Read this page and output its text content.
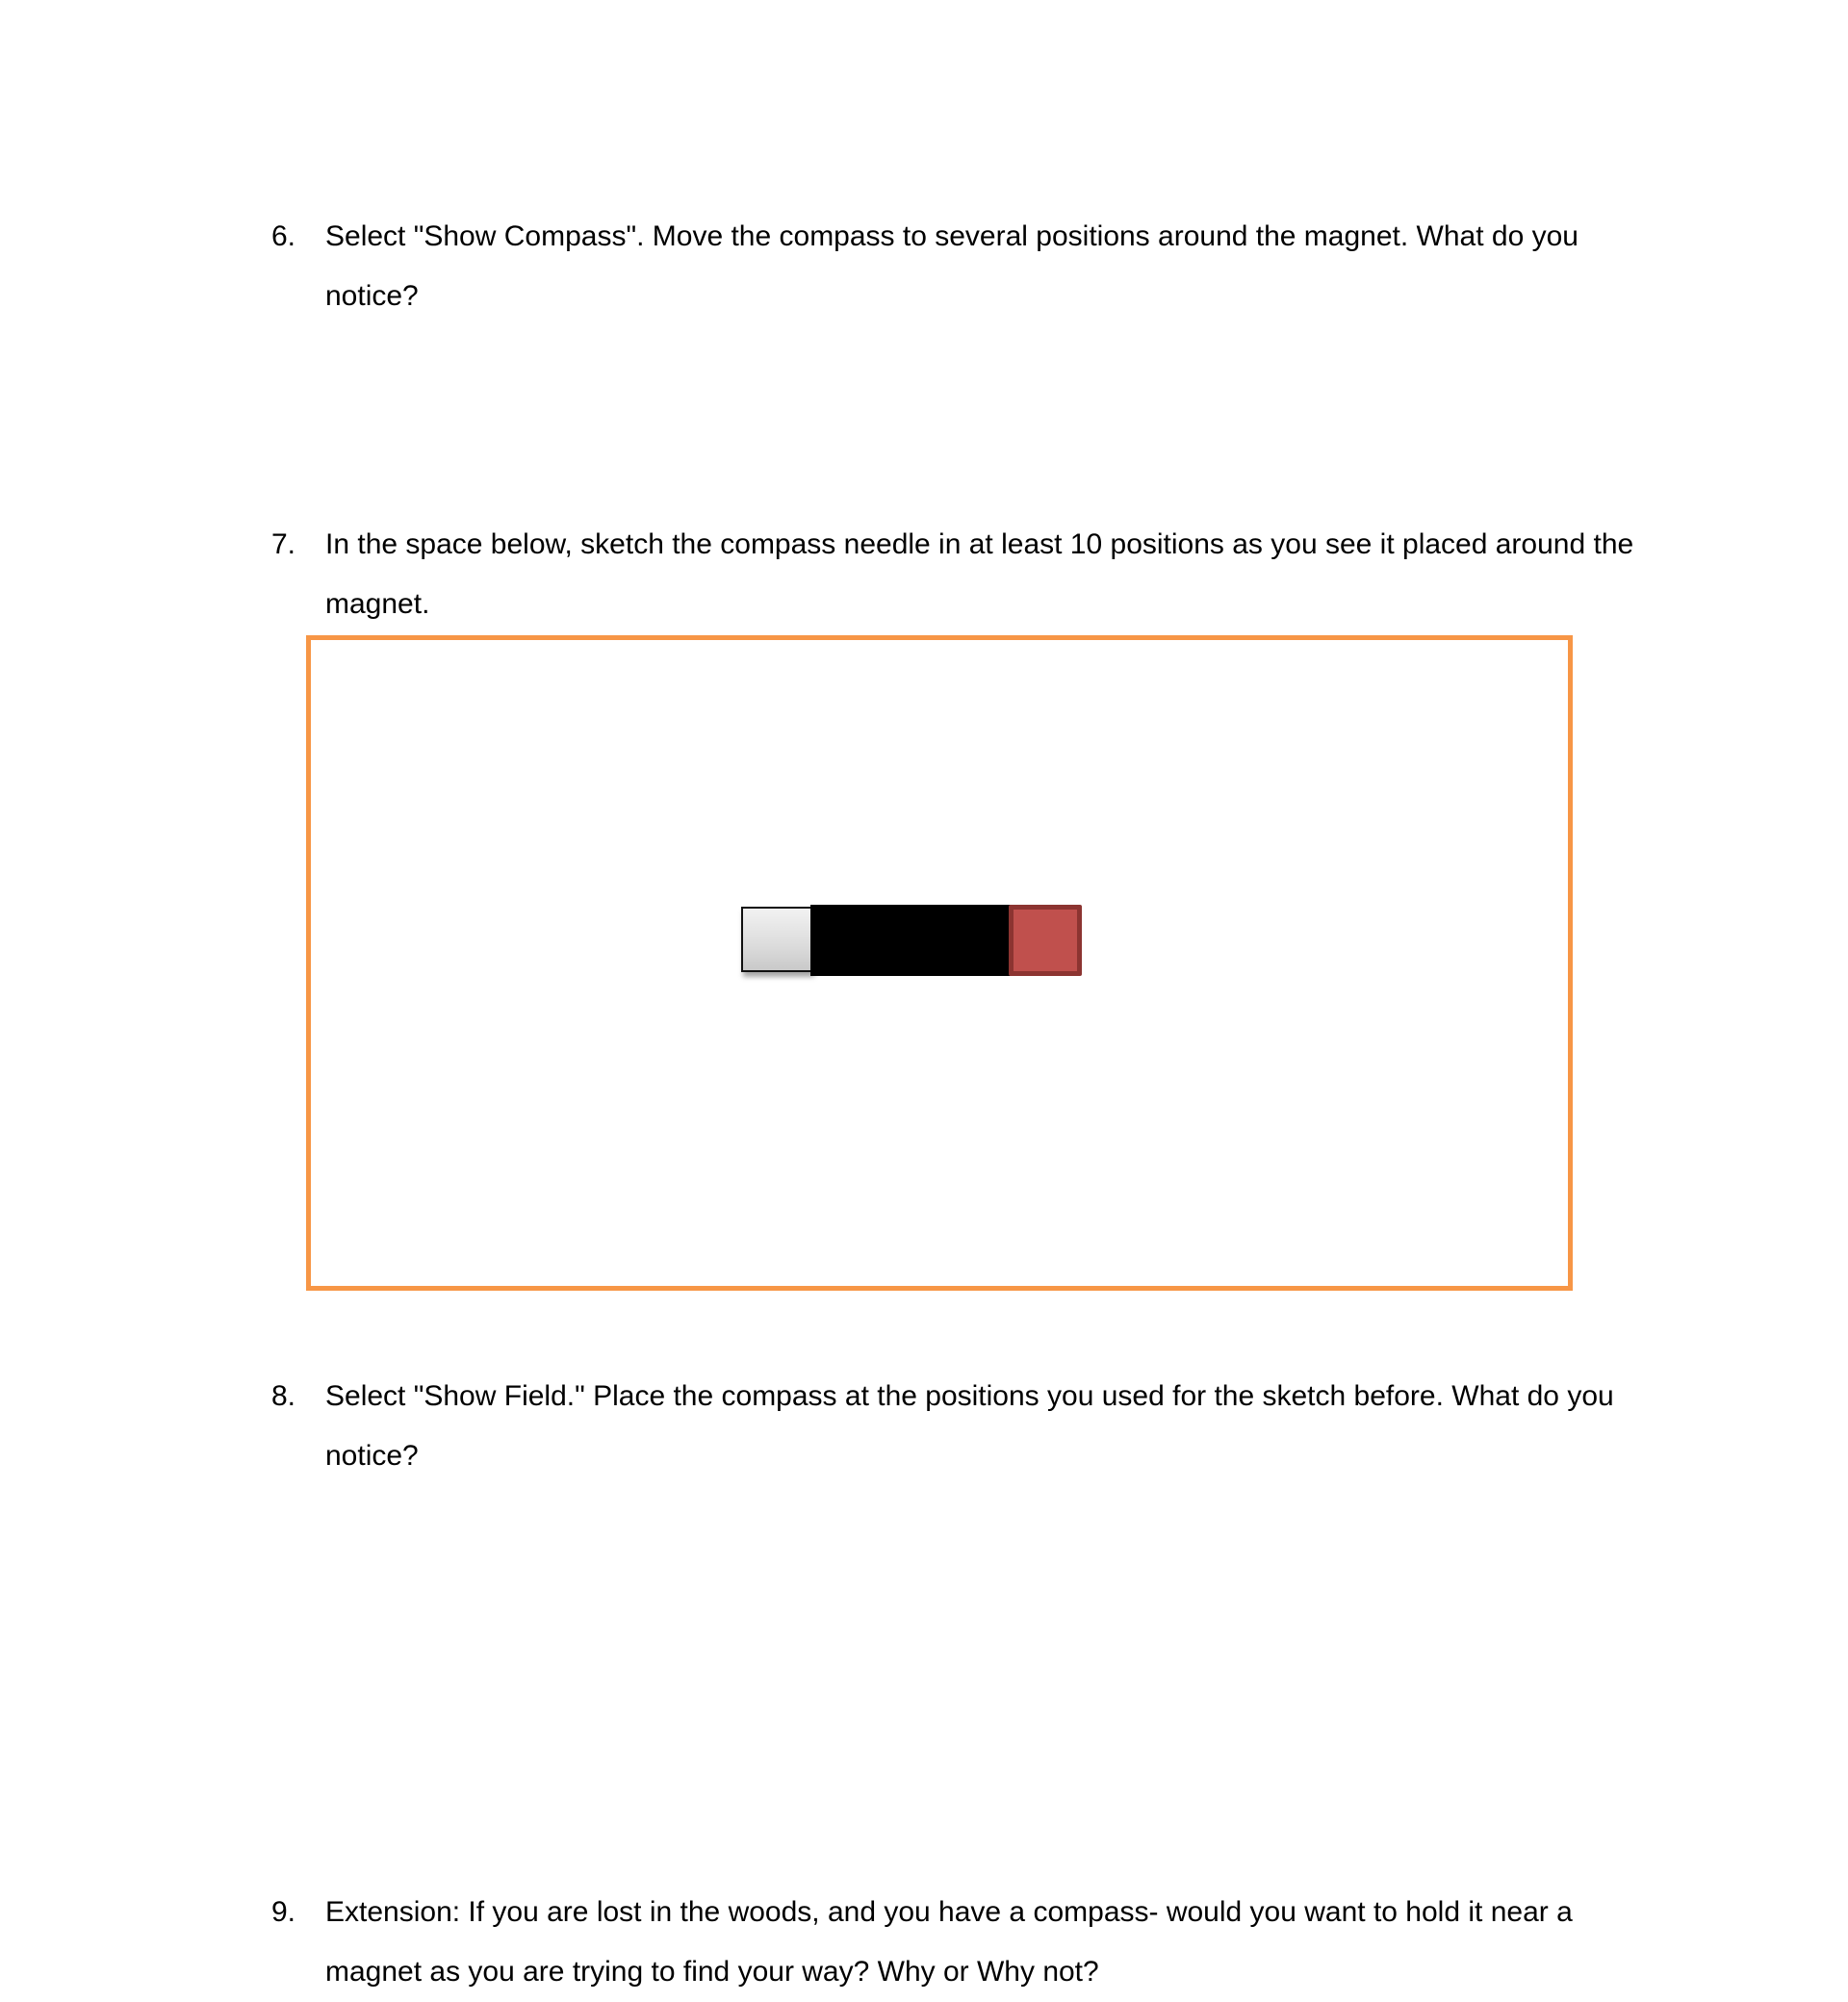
6.	Select "Show Compass". Move the compass to several positions around the magnet. What do you notice?
7.	In the space below, sketch the compass needle in at least 10 positions as you see it placed around the magnet.
8.	Select "Show Field." Place the compass at the positions you used for the sketch before. What do you notice?
9.	Extension: If you are lost in the woods, and you have a compass- would you want to hold it near a magnet as you are trying to find your way? Why or Why not?
